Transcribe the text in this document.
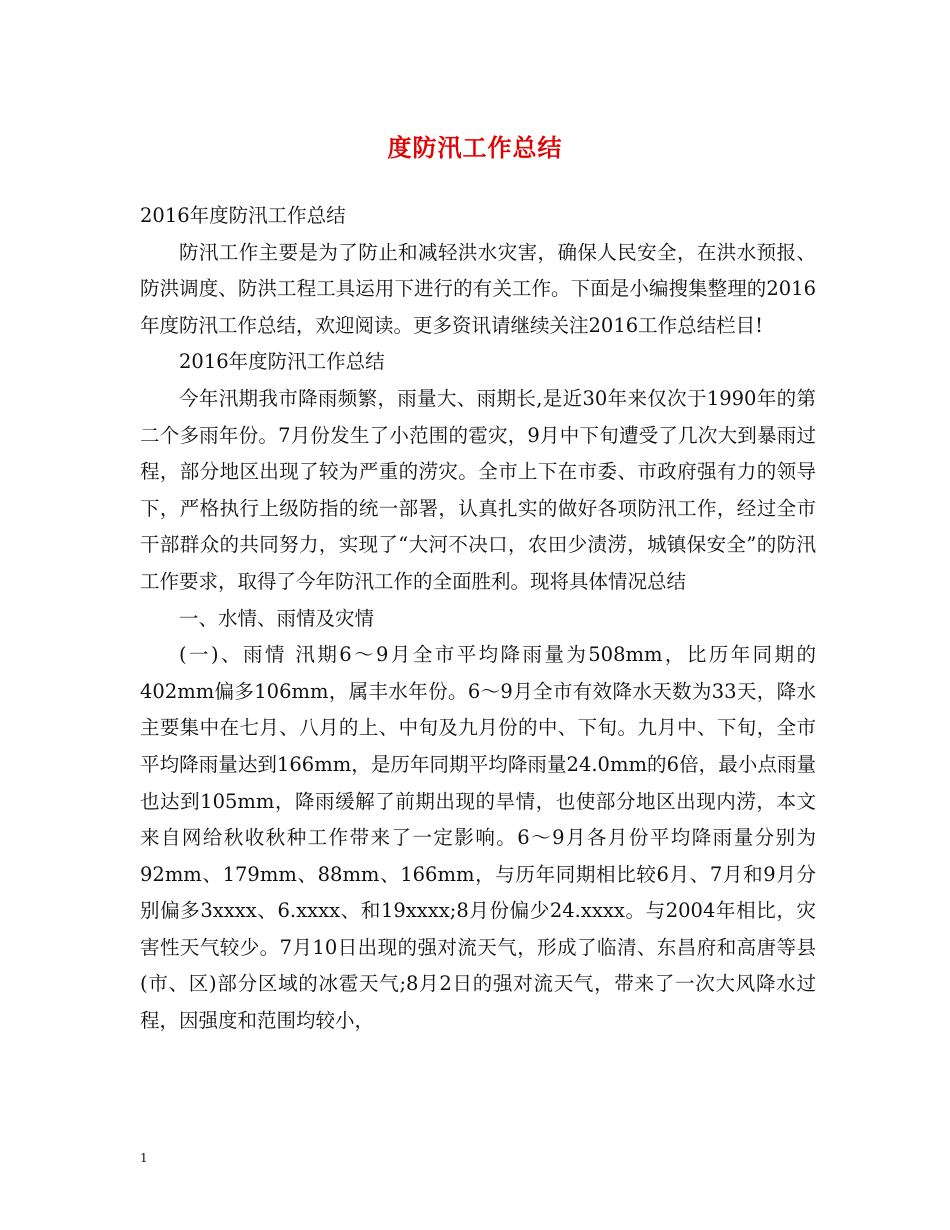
度防汛工作总结

2016年度防汛工作总结

防汛工作主要是为了防止和减轻洪水灾害，确保人民安全，在洪水预报、防洪调度、防洪工程工具运用下进行的有关工作。下面是小编搜集整理的2016年度防汛工作总结，欢迎阅读。更多资讯请继续关注2016工作总结栏目!

2016年度防汛工作总结

今年汛期我市降雨频繁，雨量大、雨期长,是近30年来仅次于1990年的第二个多雨年份。7月份发生了小范围的雹灾，9月中下旬遭受了几次大到暴雨过程，部分地区出现了较为严重的涝灾。全市上下在市委、市政府强有力的领导下，严格执行上级防指的统一部署，认真扎实的做好各项防汛工作，经过全市干部群众的共同努力，实现了“大河不决口，农田少渍涝，城镇保安全”的防汛工作要求，取得了今年防汛工作的全面胜利。现将具体情况总结

一、水情、雨情及灾情

(一)、雨情 汛期6～9月全市平均降雨量为508mm，比历年同期的402mm偏多106mm，属丰水年份。6～9月全市有效降水天数为33天，降水主要集中在七月、八月的上、中旬及九月份的中、下旬。九月中、下旬，全市平均降雨量达到166mm，是历年同期平均降雨量24.0mm的6倍，最小点雨量也达到105mm，降雨缓解了前期出现的旱情，也使部分地区出现内涝，本文来自网给秋收秋种工作带来了一定影响。6～9月各月份平均降雨量分别为92mm、179mm、88mm、166mm，与历年同期相比较6月、7月和9月分别偏多3xxxx、6.xxxx、和19xxxx;8月份偏少24.xxxx。与2004年相比，灾害性天气较少。7月10日出现的强对流天气，形成了临清、东昌府和高唐等县(市、区)部分区域的冰雹天气;8月2日的强对流天气，带来了一次大风降水过程，因强度和范围均较小，

1
